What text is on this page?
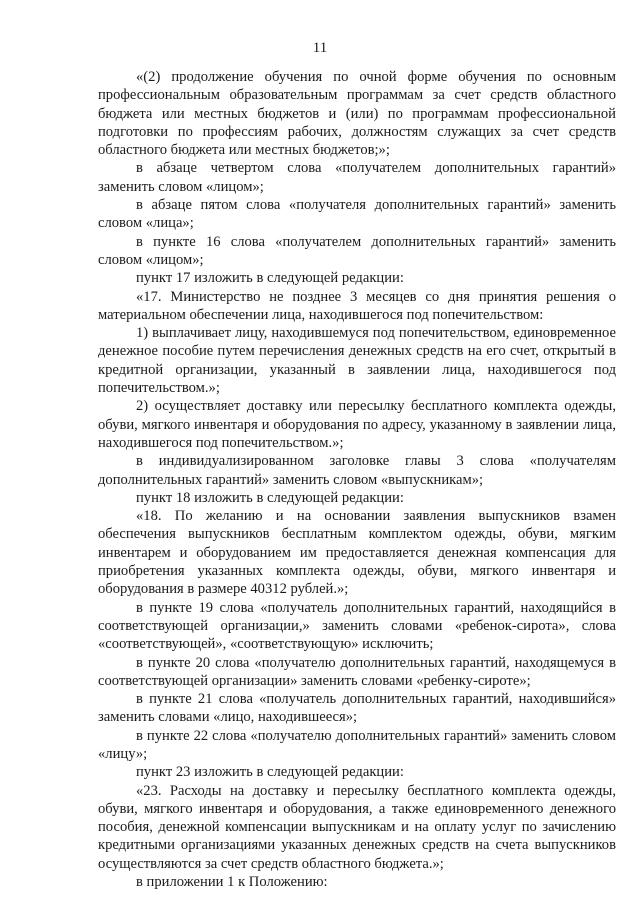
11

«(2) продолжение обучения по очной форме обучения по основным профессиональным образовательным программам за счет средств областного бюджета или местных бюджетов и (или) по программам профессиональной подготовки по профессиям рабочих, должностям служащих за счет средств областного бюджета или местных бюджетов;»;

в абзаце четвертом слова «получателем дополнительных гарантий» заменить словом «лицом»;

в абзаце пятом слова «получателя дополнительных гарантий» заменить словом «лица»;

в пункте 16 слова «получателем дополнительных гарантий» заменить словом «лицом»;

пункт 17 изложить в следующей редакции:

«17. Министерство не позднее 3 месяцев со дня принятия решения о материальном обеспечении лица, находившегося под попечительством:

1) выплачивает лицу, находившемуся под попечительством, единовременное денежное пособие путем перечисления денежных средств на его счет, открытый в кредитной организации, указанный в заявлении лица, находившегося под попечительством.»;

2) осуществляет доставку или пересылку бесплатного комплекта одежды, обуви, мягкого инвентаря и оборудования по адресу, указанному в заявлении лица, находившегося под попечительством.»;

в индивидуализированном заголовке главы 3 слова «получателям дополнительных гарантий» заменить словом «выпускникам»;

пункт 18 изложить в следующей редакции:

«18. По желанию и на основании заявления выпускников взамен обеспечения выпускников бесплатным комплектом одежды, обуви, мягким инвентарем и оборудованием им предоставляется денежная компенсация для приобретения указанных комплекта одежды, обуви, мягкого инвентаря и оборудования в размере 40312 рублей.»;

в пункте 19 слова «получатель дополнительных гарантий, находящийся в соответствующей организации,» заменить словами «ребенок-сирота», слова «соответствующей», «соответствующую» исключить;

в пункте 20 слова «получателю дополнительных гарантий, находящемуся в соответствующей организации» заменить словами «ребенку-сироте»;

в пункте 21 слова «получатель дополнительных гарантий, находившийся» заменить словами «лицо, находившееся»;

в пункте 22 слова «получателю дополнительных гарантий» заменить словом «лицу»;

пункт 23 изложить в следующей редакции:

«23. Расходы на доставку и пересылку бесплатного комплекта одежды, обуви, мягкого инвентаря и оборудования, а также единовременного денежного пособия, денежной компенсации выпускникам и на оплату услуг по зачислению кредитными организациями указанных денежных средств на счета выпускников осуществляются за счет средств областного бюджета.»;

в приложении 1 к Положению:
